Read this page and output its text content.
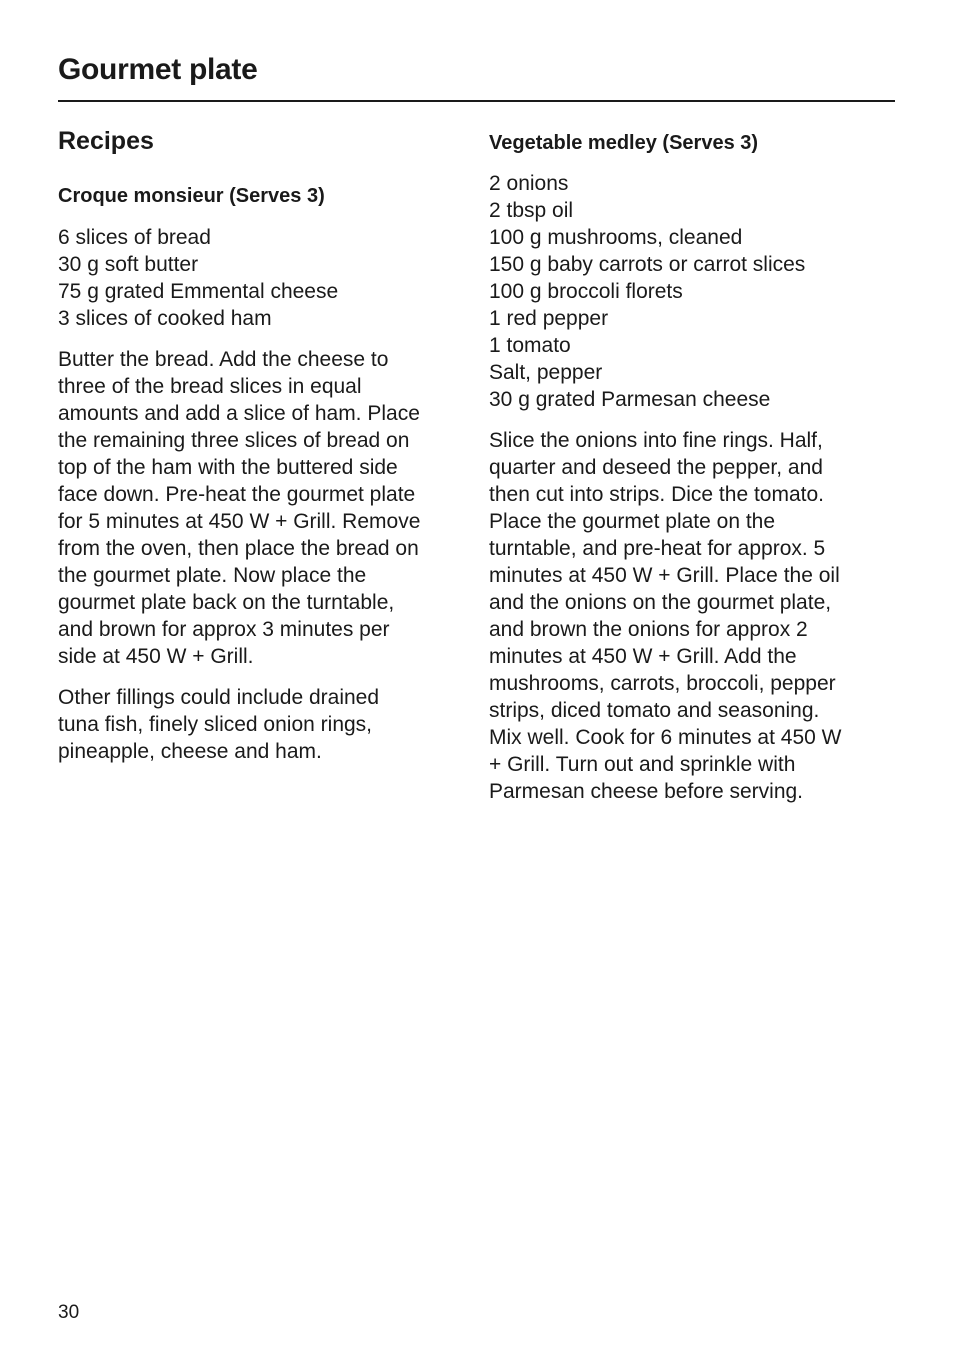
Gourmet plate
Recipes
Croque monsieur (Serves 3)
6 slices of bread
30 g soft butter
75 g grated Emmental cheese
3 slices of cooked ham
Butter the bread. Add the cheese to
three of the bread slices in equal
amounts and add a slice of ham. Place
the remaining three slices of bread on
top of the ham with the buttered side
face down. Pre-heat the gourmet plate
for 5 minutes at 450 W + Grill. Remove
from the oven, then place the bread on
the gourmet plate. Now place the
gourmet plate back on the turntable,
and brown for approx 3 minutes per
side at 450 W + Grill.
Other fillings could include drained
tuna fish, finely sliced onion rings,
pineapple, cheese and ham.
Vegetable medley (Serves 3)
2 onions
2 tbsp oil
100 g mushrooms, cleaned
150 g baby carrots or carrot slices
100 g broccoli florets
1 red pepper
1 tomato
Salt, pepper
30 g grated Parmesan cheese
Slice the onions into fine rings. Half,
quarter and deseed the pepper, and
then cut into strips. Dice the tomato.
Place the gourmet plate on the
turntable, and pre-heat for approx. 5
minutes at 450 W + Grill. Place the oil
and the onions on the gourmet plate,
and brown the onions for approx 2
minutes at 450 W + Grill. Add the
mushrooms, carrots, broccoli, pepper
strips, diced tomato and seasoning.
Mix well. Cook for 6 minutes at 450 W
+ Grill. Turn out and sprinkle with
Parmesan cheese before serving.
30
